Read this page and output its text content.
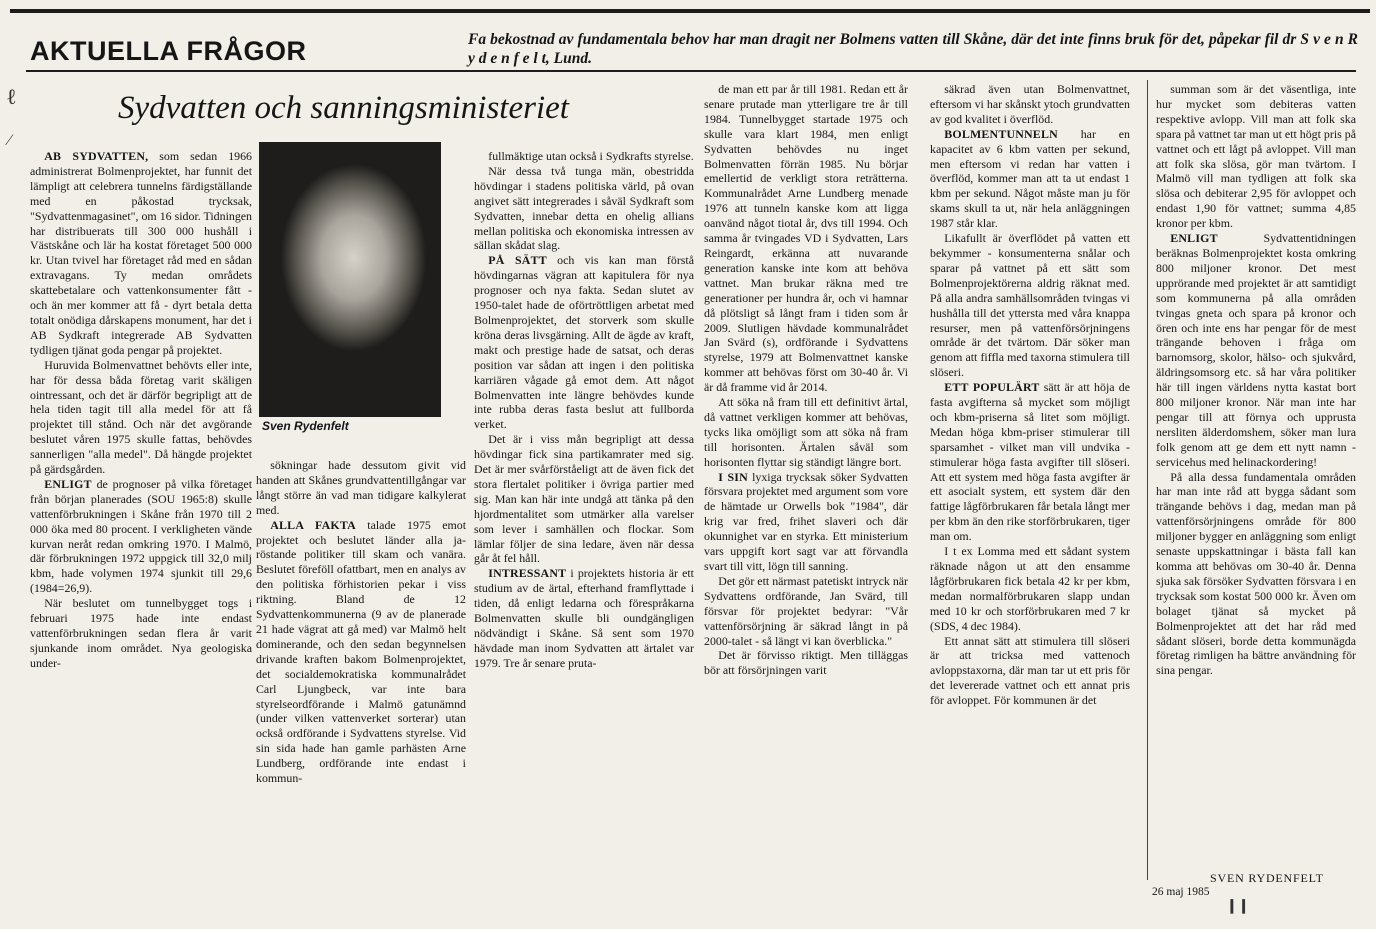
ℓ
⁄
AKTUELLA FRÅGOR	Fa bekostnad av fundamentala behov har man dragit ner Bolmens vatten till Skåne, där det inte finns bruk för det, påpekar fil dr S v e n R y d e n f e l t, Lund.

Sydvatten och sanningsministeriet

Sven Rydenfelt

AB SYDVATTEN, som sedan 1966 administrerat Bolmenprojektet, har funnit det lämpligt att celebrera tunnelns färdigställande med en påkostad trycksak, "Sydvattenmagasinet", om 16 sidor. Tidningen har distribuerats till 300 000 hushåll i Västskåne och lär ha kostat företaget 500 000 kr. Utan tvivel har företaget råd med en sådan extravagans. Ty medan områdets skattebetalare och vattenkonsumenter fått - och än mer kommer att få - dyrt betala detta totalt onödiga dårskapens monument, har det i AB Sydkraft integrerade AB Sydvatten tydligen tjänat goda pengar på projektet.

Huruvida Bolmenvattnet behövts eller inte, har för dessa båda företag varit skäligen ointressant, och det är därför begripligt att de hela tiden tagit till alla medel för att få projektet till stånd. Och när det avgörande beslutet våren 1975 skulle fattas, behövdes sannerligen "alla medel". Då hängde projektet på gärdsgården.

ENLIGT de prognoser på vilka företaget från början planerades (SOU 1965:8) skulle vattenförbrukningen i Skåne från 1970 till 2 000 öka med 80 procent. I verkligheten vände kurvan neråt redan omkring 1970. I Malmö, där förbrukningen 1972 uppgick till 32,0 milj kbm, hade volymen 1974 sjunkit till 29,6 (1984=26,9).

När beslutet om tunnelbygget togs i februari 1975 hade inte endast vattenförbrukningen sedan flera år varit sjunkande inom området. Nya geologiska under-

sökningar hade dessutom givit vid handen att Skånes grundvattentillgångar var långt större än vad man tidigare kalkylerat med.

ALLA FAKTA talade 1975 emot projektet och beslutet länder alla ja-röstande politiker till skam och vanära. Beslutet föreföll ofattbart, men en analys av den politiska förhistorien pekar i viss riktning. Bland de 12 Sydvattenkommunerna (9 av de planerade 21 hade vägrat att gå med) var Malmö helt dominerande, och den sedan begynnelsen drivande kraften bakom Bolmenprojektet, det socialdemokratiska kommunalrådet Carl Ljungbeck, var inte bara styrelseordförande i Malmö gatunämnd (under vilken vattenverket sorterar) utan också ordförande i Sydvattens styrelse. Vid sin sida hade han gamle parhästen Arne Lundberg, ordförande inte endast i kommun-

fullmäktige utan också i Sydkrafts styrelse.

När dessa två tunga män, obestridda hövdingar i stadens politiska värld, på ovan angivet sätt integrerades i såväl Sydkraft som Sydvatten, innebar detta en ohelig allians mellan politiska och ekonomiska intressen av sällan skådat slag.

PÅ SÄTT och vis kan man förstå hövdingarnas vägran att kapitulera för nya prognoser och nya fakta. Sedan slutet av 1950-talet hade de oförtröttligen arbetat med Bolmenprojektet, det storverk som skulle kröna deras livsgärning. Allt de ägde av kraft, makt och prestige hade de satsat, och deras position var sådan att ingen i den politiska karriären vågade gå emot dem. Att något Bolmenvatten inte längre behövdes kunde inte rubba deras fasta beslut att fullborda verket.

Det är i viss mån begripligt att dessa hövdingar fick sina partikamrater med sig. Det är mer svårförståeligt att de även fick det stora flertalet politiker i övriga partier med sig. Man kan här inte undgå att tänka på den hjordmentalitet som utmärker alla varelser som lever i samhällen och flockar. Som lämlar följer de sina ledare, även när dessa går åt fel håll.

INTRESSANT i projektets historia är ett studium av de ärtal, efterhand framflyttade i tiden, då enligt ledarna och förespråkarna Bolmenvatten skulle bli oundgängligen nödvändigt i Skåne. Så sent som 1970 hävdade man inom Sydvatten att ärtalet var 1979. Tre år senare pruta-

de man ett par år till 1981. Redan ett år senare prutade man ytterligare tre år till 1984. Tunnelbygget startade 1975 och skulle vara klart 1984, men enligt Sydvatten behövdes nu inget Bolmenvatten förrän 1985. Nu börjar emellertid de verkligt stora reträtterna. Kommunalrådet Arne Lundberg menade 1976 att tunneln kanske kom att ligga oanvänd något tiotal år, dvs till 1994. Och samma år tvingades VD i Sydvatten, Lars Reingardt, erkänna att nuvarande generation kanske inte kom att behöva vattnet. Man brukar räkna med tre generationer per hundra år, och vi hamnar då plötsligt så långt fram i tiden som år 2009. Slutligen hävdade kommunalrådet Jan Svärd (s), ordförande i Sydvattens styrelse, 1979 att Bolmenvattnet kanske kommer att behövas först om 30-40 år. Vi är då framme vid år 2014.

Att söka nå fram till ett definitivt ärtal, då vattnet verkligen kommer att behövas, tycks lika omöjligt som att söka nå fram till horisonten. Ärtalen såväl som horisonten flyttar sig ständigt längre bort.

I SIN lyxiga trycksak söker Sydvatten försvara projektet med argument som vore de hämtade ur Orwells bok "1984", där krig var fred, frihet slaveri och där okunnighet var en styrka. Ett ministerium vars uppgift kort sagt var att förvandla svart till vitt, lögn till sanning.

Det gör ett närmast patetiskt intryck när Sydvattens ordförande, Jan Svärd, till försvar för projektet bedyrar: "Vår vattenförsörjning är säkrad långt in på 2000-talet - så längt vi kan överblicka."

Det är förvisso riktigt. Men tilläggas bör att försörjningen varit

säkrad även utan Bolmenvattnet, eftersom vi har skånskt ytoch grundvatten av god kvalitet i överflöd.

BOLMENTUNNELN har en kapacitet av 6 kbm vatten per sekund, men eftersom vi redan har vatten i överflöd, kommer man att ta ut endast 1 kbm per sekund. Något måste man ju för skams skull ta ut, när hela anläggningen 1987 står klar.

Likafullt är överflödet på vatten ett bekymmer - konsumenterna snålar och sparar på vattnet på ett sätt som Bolmenprojektörerna aldrig räknat med. På alla andra samhällsområden tvingas vi hushålla till det yttersta med våra knappa resurser, men på vattenförsörjningens område är det tvärtom. Där söker man genom att fiffla med taxorna stimulera till slöseri.

ETT POPULÄRT sätt är att höja de fasta avgifterna så mycket som möjligt och kbm-priserna så litet som möjligt. Medan höga kbm-priser stimulerar till sparsamhet - vilket man vill undvika - stimulerar höga fasta avgifter till slöseri. Att ett system med höga fasta avgifter är ett asocialt system, ett system där den fattige lågförbrukaren får betala långt mer per kbm än den rike storförbrukaren, tiger man om.

I t ex Lomma med ett sådant system räknade någon ut att den ensamme lågförbrukaren fick betala 42 kr per kbm, medan normalförbrukaren slapp undan med 10 kr och storförbrukaren med 7 kr (SDS, 4 dec 1984).

Ett annat sätt att stimulera till slöseri är att tricksa med vattenoch avloppstaxorna, där man tar ut ett pris för det levererade vattnet och ett annat pris för avloppet. För kommunen är det

summan som är det väsentliga, inte hur mycket som debiteras vatten respektive avlopp. Vill man att folk ska spara på vattnet tar man ut ett högt pris på vattnet och ett lågt på avloppet. Vill man att folk ska slösa, gör man tvärtom. I Malmö vill man tydligen att folk ska slösa och debiterar 2,95 för avloppet och endast 1,90 för vattnet; summa 4,85 kronor per kbm.

ENLIGT Sydvattentidningen beräknas Bolmenprojektet kosta omkring 800 miljoner kronor. Det mest upprörande med projektet är att samtidigt som kommunerna på alla områden tvingas gneta och spara på kronor och ören och inte ens har pengar för de mest trängande behoven i fråga om barnomsorg, skolor, hälso- och sjukvård, äldringsomsorg etc. så har våra politiker här till ingen världens nytta kastat bort 800 miljoner kronor. När man inte har pengar till att förnya och upprusta nersliten älderdomshem, söker man lura folk genom att ge dem ett nytt namn - servicehus med helinackordering!

På alla dessa fundamentala områden har man inte råd att bygga sådant som trängande behövs i dag, medan man på vattenförsörjningens område för 800 miljoner bygger en anläggning som enligt senaste uppskattningar i bästa fall kan komma att behövas om 30-40 år. Denna sjuka sak försöker Sydvatten försvara i en trycksak som kostat 500 000 kr. Även om bolaget tjänat så mycket på Bolmenprojektet att det har råd med sådant slöseri, borde detta kommunägda företag rimligen ha bättre användning för sina pengar.

SVEN RYDENFELT

26 maj 1985

❙❙
